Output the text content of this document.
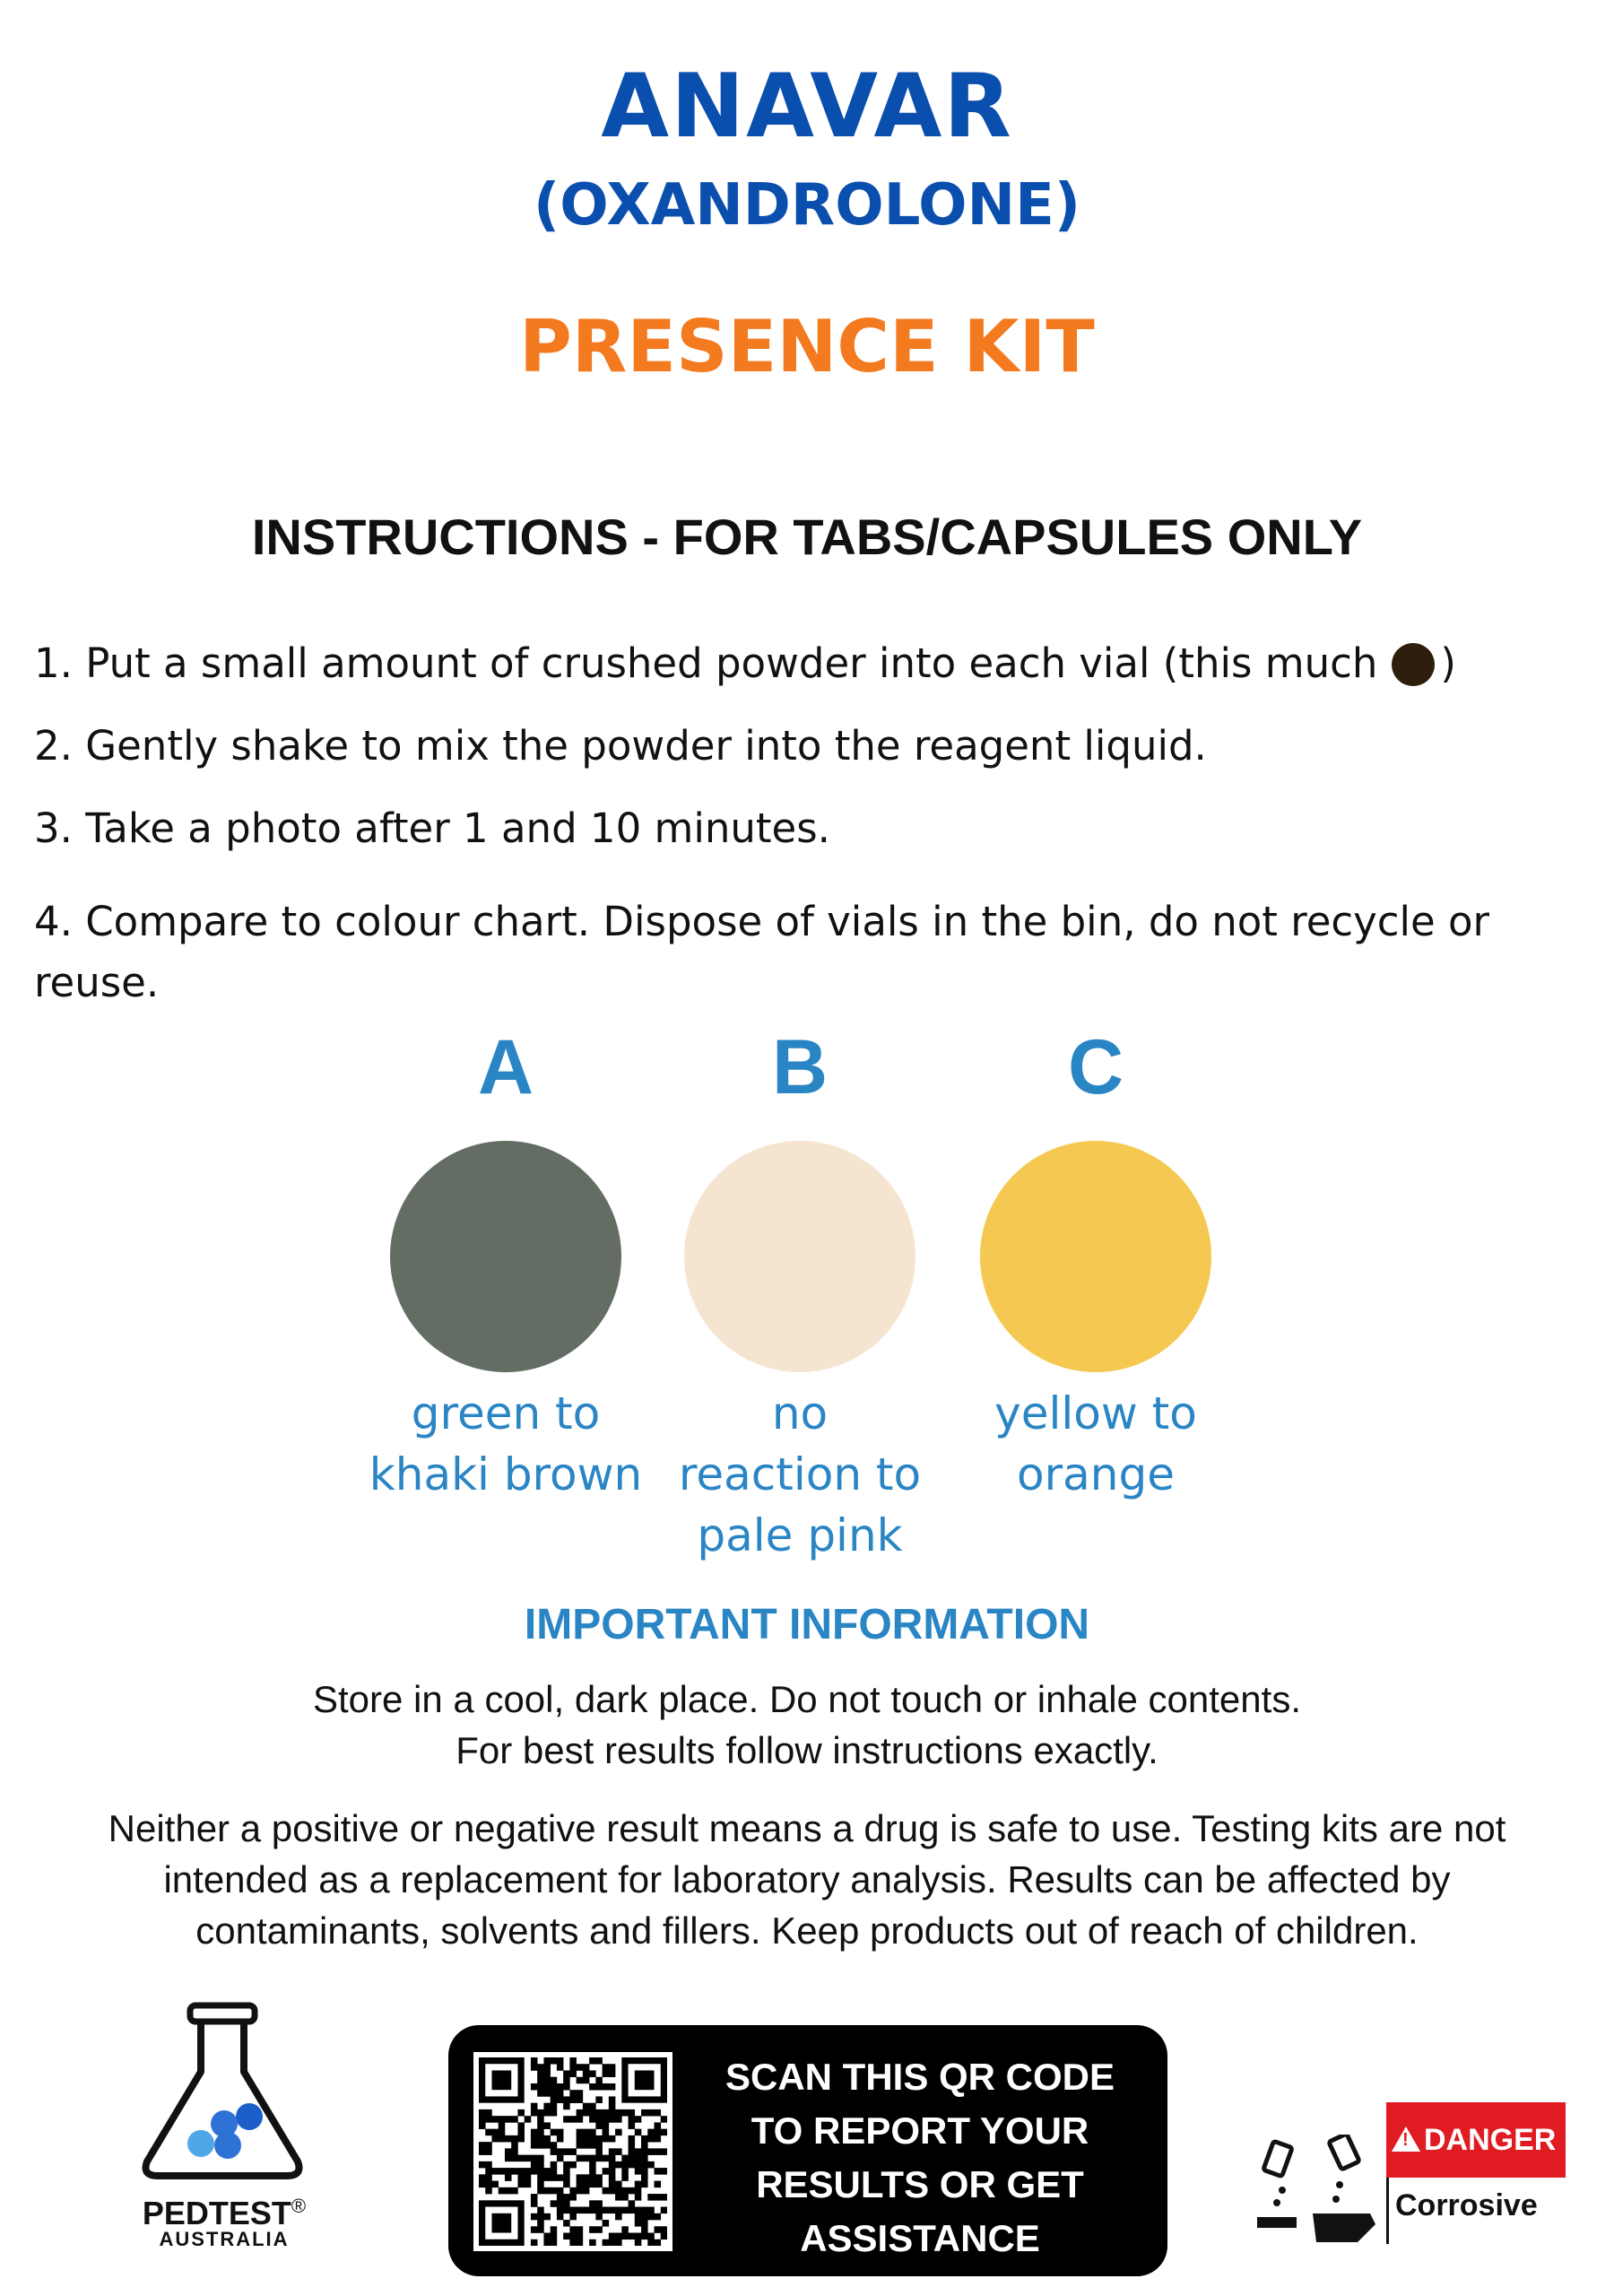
ANAVAR
(OXANDROLONE)
PRESENCE KIT
INSTRUCTIONS - FOR TABS/CAPSULES ONLY
1. Put a small amount of crushed powder into each vial (this much )
2. Gently shake to mix the powder into the reagent liquid.
3. Take a photo after 1 and 10 minutes.
4. Compare to colour chart. Dispose of vials in the bin, do not recycle or reuse.
A
green to
khaki brown
B
no
reaction to
pale pink
C
yellow to
orange
IMPORTANT INFORMATION
Store in a cool, dark place. Do not touch or inhale contents.
For best results follow instructions exactly.
Neither a positive or negative result means a drug is safe to use. Testing kits are not
intended as a replacement for laboratory analysis. Results can be affected by
contaminants, solvents and fillers. Keep products out of reach of children.
PEDTEST®
AUSTRALIA
SCAN THIS QR CODE
TO REPORT YOUR
RESULTS OR GET
ASSISTANCE
!DANGER
Corrosive
